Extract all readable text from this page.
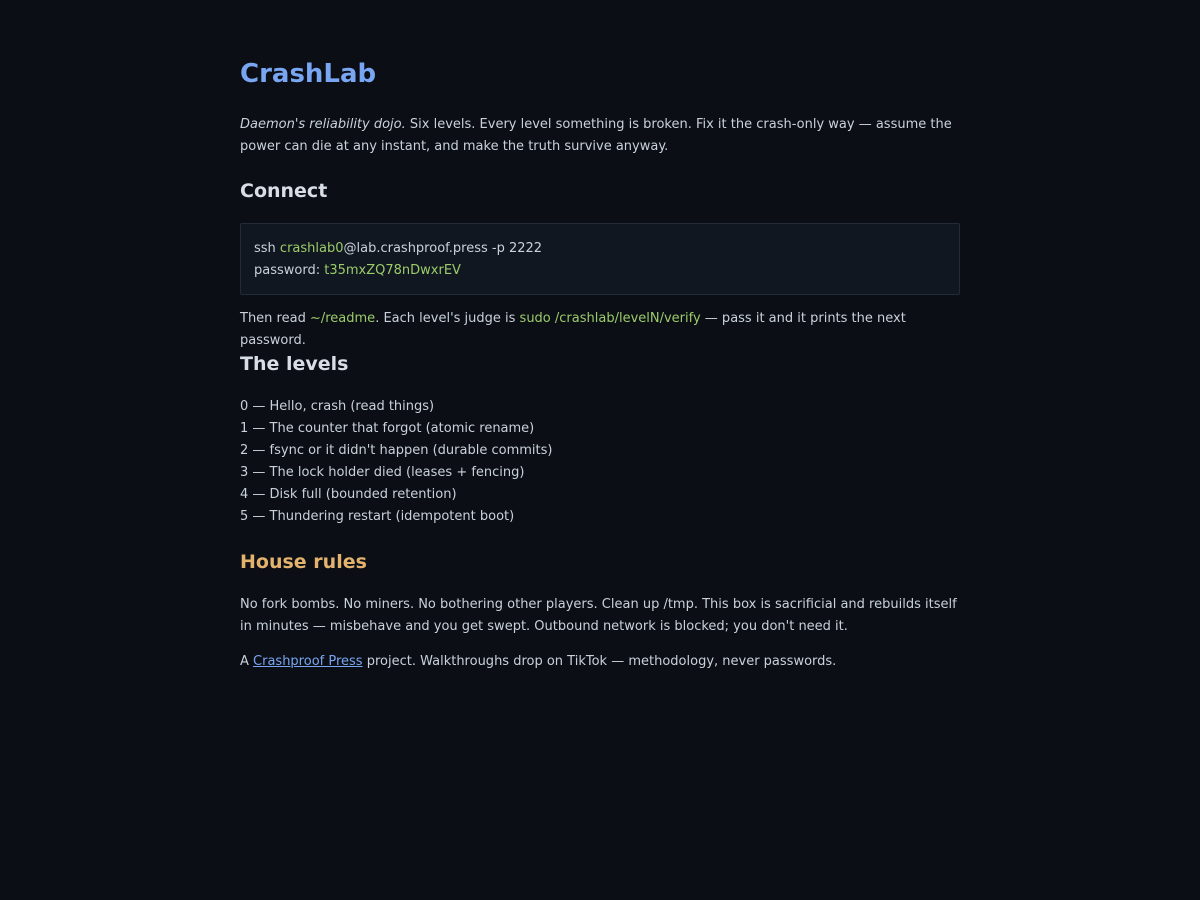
CrashLab

Daemon's reliability dojo. Six levels. Every level something is broken. Fix it the crash-only way — assume the power can die at any instant, and make the truth survive anyway.

Connect
ssh crashlab0@lab.crashproof.press -p 2222
password: t35mxZQ78nDwxrEV

Then read ~/readme. Each level's judge is sudo /crashlab/levelN/verify — pass it and it prints the next password.

The levels
0 — Hello, crash (read things)
1 — The counter that forgot (atomic rename)
2 — fsync or it didn't happen (durable commits)
3 — The lock holder died (leases + fencing)
4 — Disk full (bounded retention)
5 — Thundering restart (idempotent boot)
House rules

No fork bombs. No miners. No bothering other players. Clean up /tmp. This box is sacrificial and rebuilds itself in minutes — misbehave and you get swept. Outbound network is blocked; you don't need it.

A Crashproof Press project. Walkthroughs drop on TikTok — methodology, never passwords.
